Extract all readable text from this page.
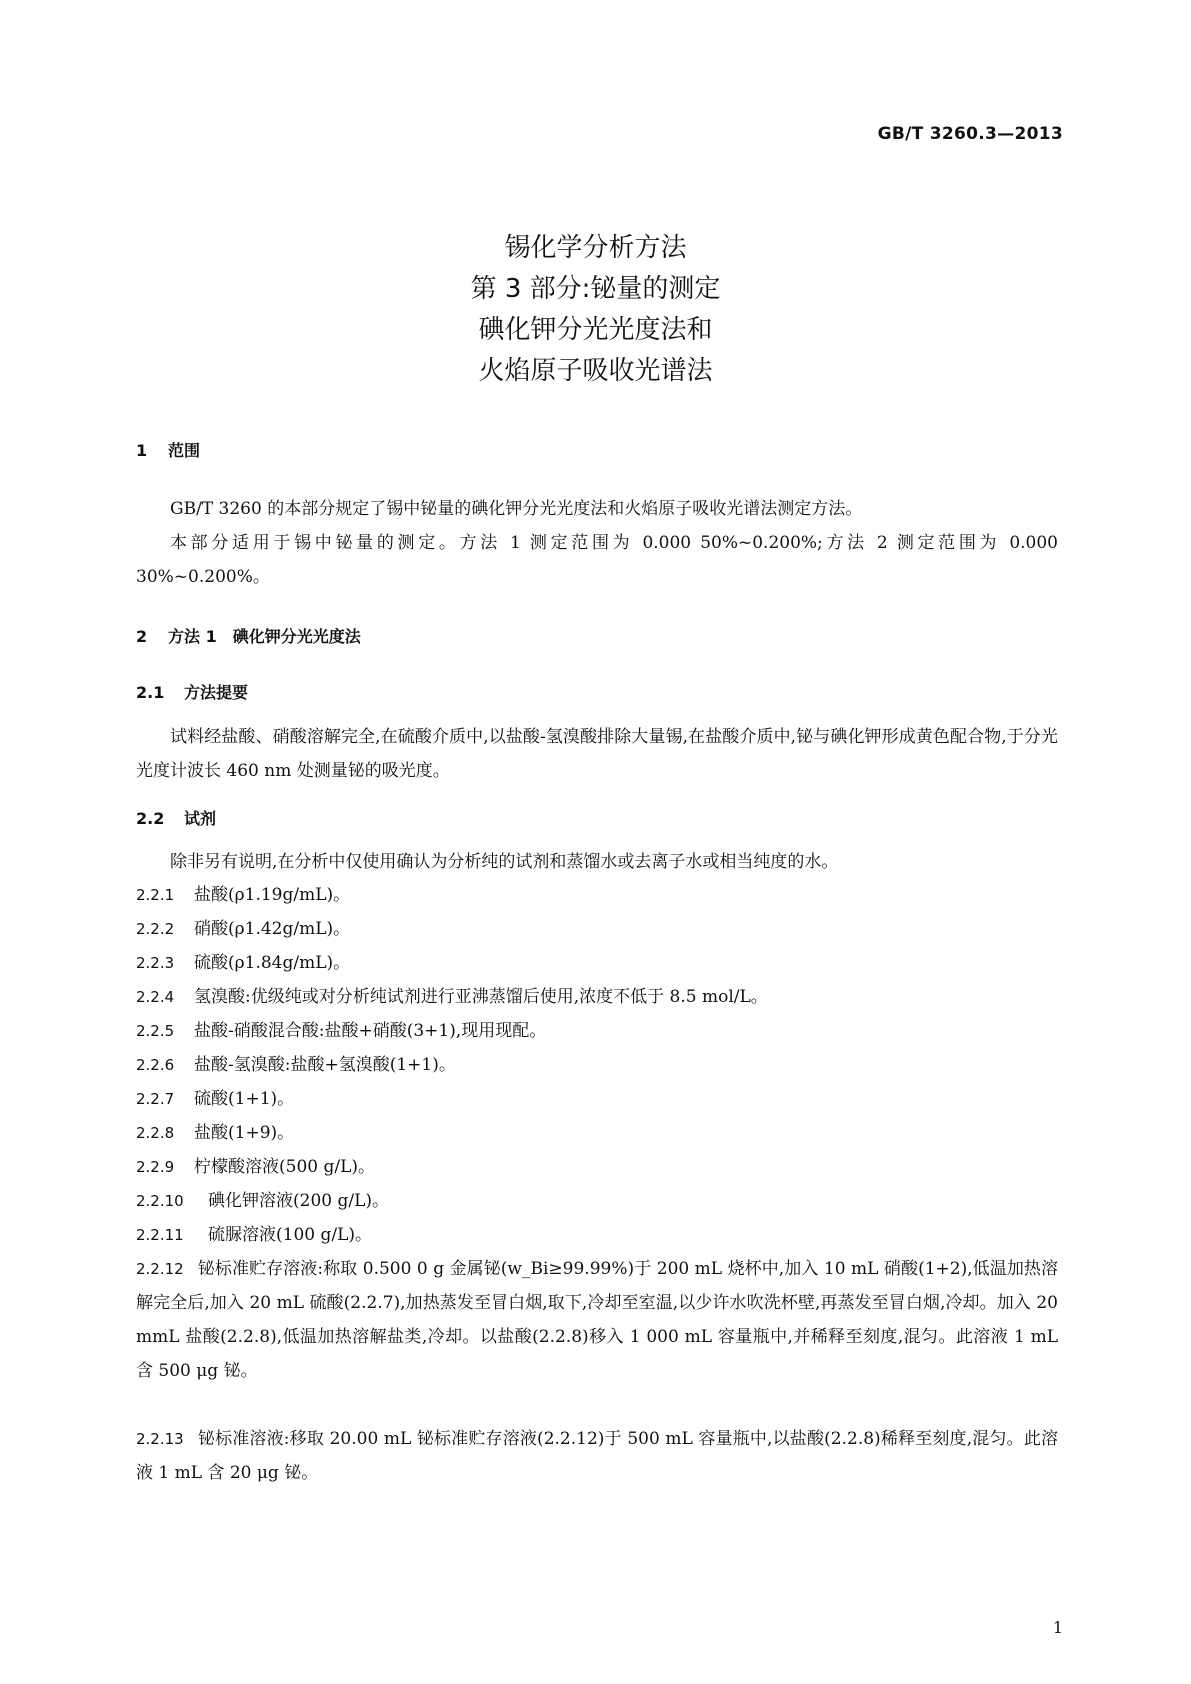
GB/T 3260.3—2013
锡化学分析方法
第 3 部分:铋量的测定
碘化钾分光光度法和
火焰原子吸收光谱法
1 范围
GB/T 3260 的本部分规定了锡中铋量的碘化钾分光光度法和火焰原子吸收光谱法测定方法。
本部分适用于锡中铋量的测定。方法 1 测定范围为 0.000 50%~0.200%;方法 2 测定范围为 0.000 30%~0.200%。
2 方法 1　碘化钾分光光度法
2.1 方法提要
试料经盐酸、硝酸溶解完全,在硫酸介质中,以盐酸-氢溴酸排除大量锡,在盐酸介质中,铋与碘化钾形成黄色配合物,于分光光度计波长 460 nm 处测量铋的吸光度。
2.2 试剂
除非另有说明,在分析中仅使用确认为分析纯的试剂和蒸馏水或去离子水或相当纯度的水。
2.2.1 盐酸(ρ1.19g/mL)。
2.2.2 硝酸(ρ1.42g/mL)。
2.2.3 硫酸(ρ1.84g/mL)。
2.2.4 氢溴酸:优级纯或对分析纯试剂进行亚沸蒸馏后使用,浓度不低于 8.5 mol/L。
2.2.5 盐酸-硝酸混合酸:盐酸+硝酸(3+1),现用现配。
2.2.6 盐酸-氢溴酸:盐酸+氢溴酸(1+1)。
2.2.7 硫酸(1+1)。
2.2.8 盐酸(1+9)。
2.2.9 柠檬酸溶液(500 g/L)。
2.2.10 碘化钾溶液(200 g/L)。
2.2.11 硫脲溶液(100 g/L)。
2.2.12 铋标准贮存溶液:称取 0.500 0 g 金属铋(w_Bi≥99.99%)于 200 mL 烧杯中,加入 10 mL 硝酸(1+2),低温加热溶解完全后,加入 20 mL 硫酸(2.2.7),加热蒸发至冒白烟,取下,冷却至室温,以少许水吹洗杯壁,再蒸发至冒白烟,冷却。加入 20 mmL 盐酸(2.2.8),低温加热溶解盐类,冷却。以盐酸(2.2.8)移入 1 000 mL 容量瓶中,并稀释至刻度,混匀。此溶液 1 mL 含 500 μg 铋。
2.2.13 铋标准溶液:移取 20.00 mL 铋标准贮存溶液(2.2.12)于 500 mL 容量瓶中,以盐酸(2.2.8)稀释至刻度,混匀。此溶液 1 mL 含 20 μg 铋。
1
